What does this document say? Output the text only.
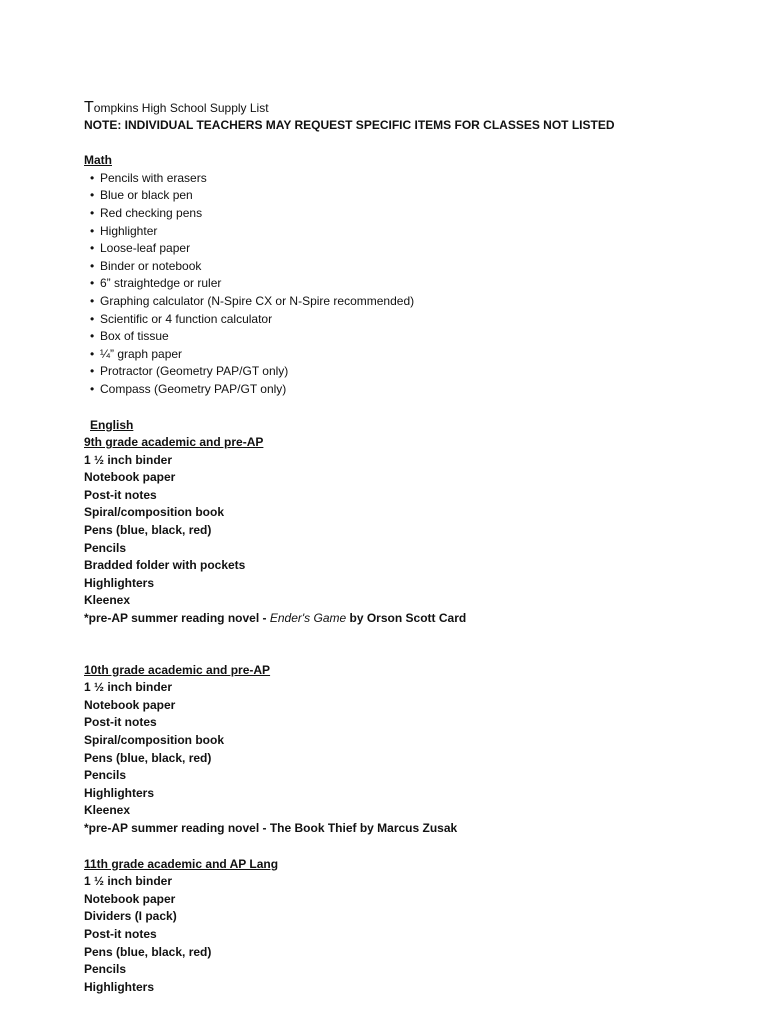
Tompkins High School Supply List
NOTE: INDIVIDUAL TEACHERS MAY REQUEST SPECIFIC ITEMS FOR CLASSES NOT LISTED
Math
• Pencils with erasers
• Blue or black pen
• Red checking pens
• Highlighter
• Loose-leaf paper
• Binder or notebook
• 6” straightedge or ruler
• Graphing calculator (N-Spire CX or N-Spire recommended)
• Scientific or 4 function calculator
• Box of tissue
• ¼” graph paper
• Protractor (Geometry PAP/GT only)
• Compass (Geometry PAP/GT only)
English
9th grade academic and pre-AP
1 ½ inch binder
Notebook paper
Post-it notes
Spiral/composition book
Pens (blue, black, red)
Pencils
Bradded folder with pockets
Highlighters
Kleenex
*pre-AP summer reading novel - Ender's Game by Orson Scott Card
10th grade academic and pre-AP
1 ½ inch binder
Notebook paper
Post-it notes
Spiral/composition book
Pens (blue, black, red)
Pencils
Highlighters
Kleenex
*pre-AP summer reading novel - The Book Thief by Marcus Zusak
11th grade academic and AP Lang
1 ½ inch binder
Notebook paper
Dividers (I pack)
Post-it notes
Pens (blue, black, red)
Pencils
Highlighters
